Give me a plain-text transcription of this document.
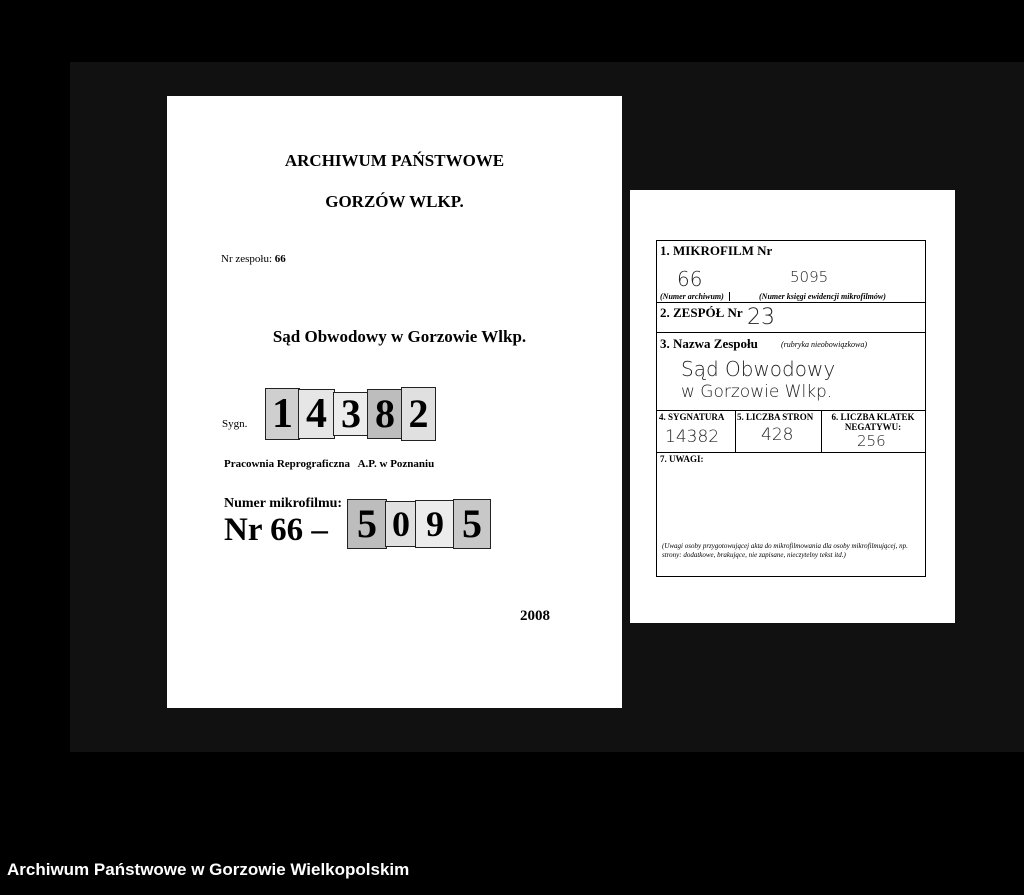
ARCHIWUM PAŃSTWOWE
GORZÓW WLKP.
Nr zespołu: 66
Sąd Obwodowy w Gorzowie Wlkp.
Sygn. 1 4 3 8 2
Pracownia Reprograficzna   A.P. w Poznaniu
Numer mikrofilmu:
Nr 66 – 5 0 9 5
2008
1. MIKROFILM Nr
66	5095
(Numer archiwum)	(Numer księgi ewidencji mikrofilmów)
2. ZESPÓŁ Nr 23
3. Nazwa Zespołu	(rubryka nieobowiązkowa)
Sąd Obwodowy
w Gorzowie Wlkp.
4. SYGNATURA
14382
5. LICZBA STRON
428
6. LICZBA KLATEK NEGATYWU:
256
7. UWAGI:
(Uwagi osoby przygotowującej akta do mikrofilmowania dla osoby mikrofilmującej, np. strony: dodatkowe, brakujące, nie zapisane, nieczytelny tekst itd.)
Archiwum Państwowe w Gorzowie Wielkopolskim
